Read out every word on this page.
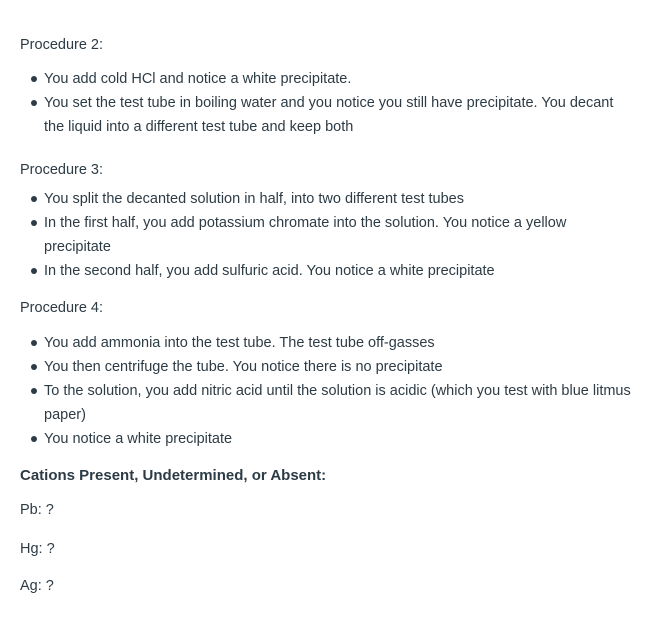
Procedure 2:

You add cold HCl and notice a white precipitate.
You set the test tube in boiling water and you notice you still have precipitate. You decant the liquid into a different test tube and keep both

Procedure 3:

You split the decanted solution in half, into two different test tubes
In the first half, you add potassium chromate into the solution. You notice a yellow precipitate
In the second half, you add sulfuric acid. You notice a white precipitate

Procedure 4:

You add ammonia into the test tube. The test tube off-gasses
You then centrifuge the tube. You notice there is no precipitate
To the solution, you add nitric acid until the solution is acidic (which you test with blue litmus paper)
You notice a white precipitate

Cations Present, Undetermined, or Absent:

Pb: ?

Hg: ?

Ag: ?
